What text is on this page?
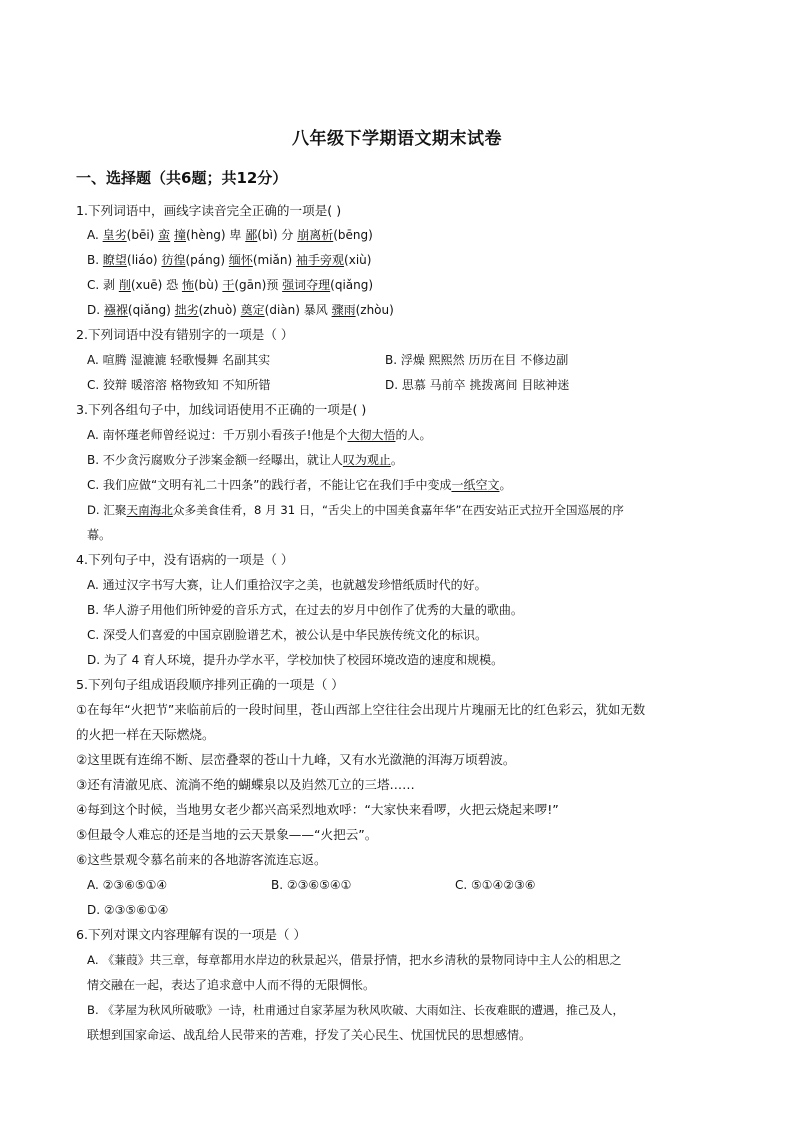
八年级下学期语文期末试卷
一、选择题（共6题；共12分）
1.下列词语中，画线字读音完全正确的一项是( )
A. 皇劣(bēi) 蛮 撞(hèng) 卑 鄙(bì) 分 崩离析(bēng)
B. 瞭望(liáo) 彷徨(páng) 缅怀(miǎn) 袖手旁观(xiù)
C. 剥 削(xuē) 恐 怖(bù) 干(gān)预 强词夺理(qiǎng)
D. 襁褓(qiǎng) 拙劣(zhuò) 奠定(diàn) 暴风 骤雨(zhòu)
2.下列词语中没有错别字的一项是（ ）
A. 喧腾 湿漉漉 轻歌慢舞 名副其实	B. 浮燥 熙熙然 历历在目 不修边副
C. 狡辩 暖溶溶 格物致知 不知所错	D. 思慕 马前卒 挑拨离间 目眩神迷
3.下列各组句子中，加线词语使用不正确的一项是( )
A. 南怀瑾老师曾经说过：千万别小看孩子!他是个大彻大悟的人。
B. 不少贪污腐败分子涉案金额一经曝出，就让人叹为观止。
C. 我们应做“文明有礼二十四条”的践行者，不能让它在我们手中变成一纸空文。
D. 汇聚天南海北众多美食佳肴，8 月 31 日，“舌尖上的中国美食嘉年华”在西安站正式拉开全国巡展的序
幕。
4.下列句子中，没有语病的一项是（ ）
A. 通过汉字书写大赛，让人们重拾汉字之美，也就越发珍惜纸质时代的好。
B. 华人游子用他们所钟爱的音乐方式，在过去的岁月中创作了优秀的大量的歌曲。
C. 深受人们喜爱的中国京剧脸谱艺术，被公认是中华民族传统文化的标识。
D. 为了 4 育人环境，提升办学水平，学校加快了校园环境改造的速度和规模。
5.下列句子组成语段顺序排列正确的一项是（ ）
①在每年“火把节”来临前后的一段时间里，苍山西部上空往往会出现片片瑰丽无比的红色彩云，犹如无数
的火把一样在天际燃烧。
②这里既有连绵不断、层峦叠翠的苍山十九峰，又有水光潋滟的洱海万顷碧波。
③还有清澈见底、流淌不绝的蝴蝶泉以及岿然兀立的三塔……
④每到这个时候，当地男女老少都兴高采烈地欢呼：“大家快来看啰，火把云烧起来啰!”
⑤但最令人难忘的还是当地的云天景象——“火把云”。
⑥这些景观令慕名前来的各地游客流连忘返。
A. ②③⑥⑤①④	B. ②③⑥⑤④①	C. ⑤①④②③⑥
D. ②③⑤⑥①④
6.下列对课文内容理解有误的一项是（ ）
A. 《蒹葭》共三章，每章都用水岸边的秋景起兴，借景抒情，把水乡清秋的景物同诗中主人公的相思之
情交融在一起，表达了追求意中人而不得的无限惆怅。
B. 《茅屋为秋风所破歌》一诗，杜甫通过自家茅屋为秋风吹破、大雨如注、长夜难眠的遭遇，推己及人，
联想到国家命运、战乱给人民带来的苦难，抒发了关心民生、忧国忧民的思想感情。
